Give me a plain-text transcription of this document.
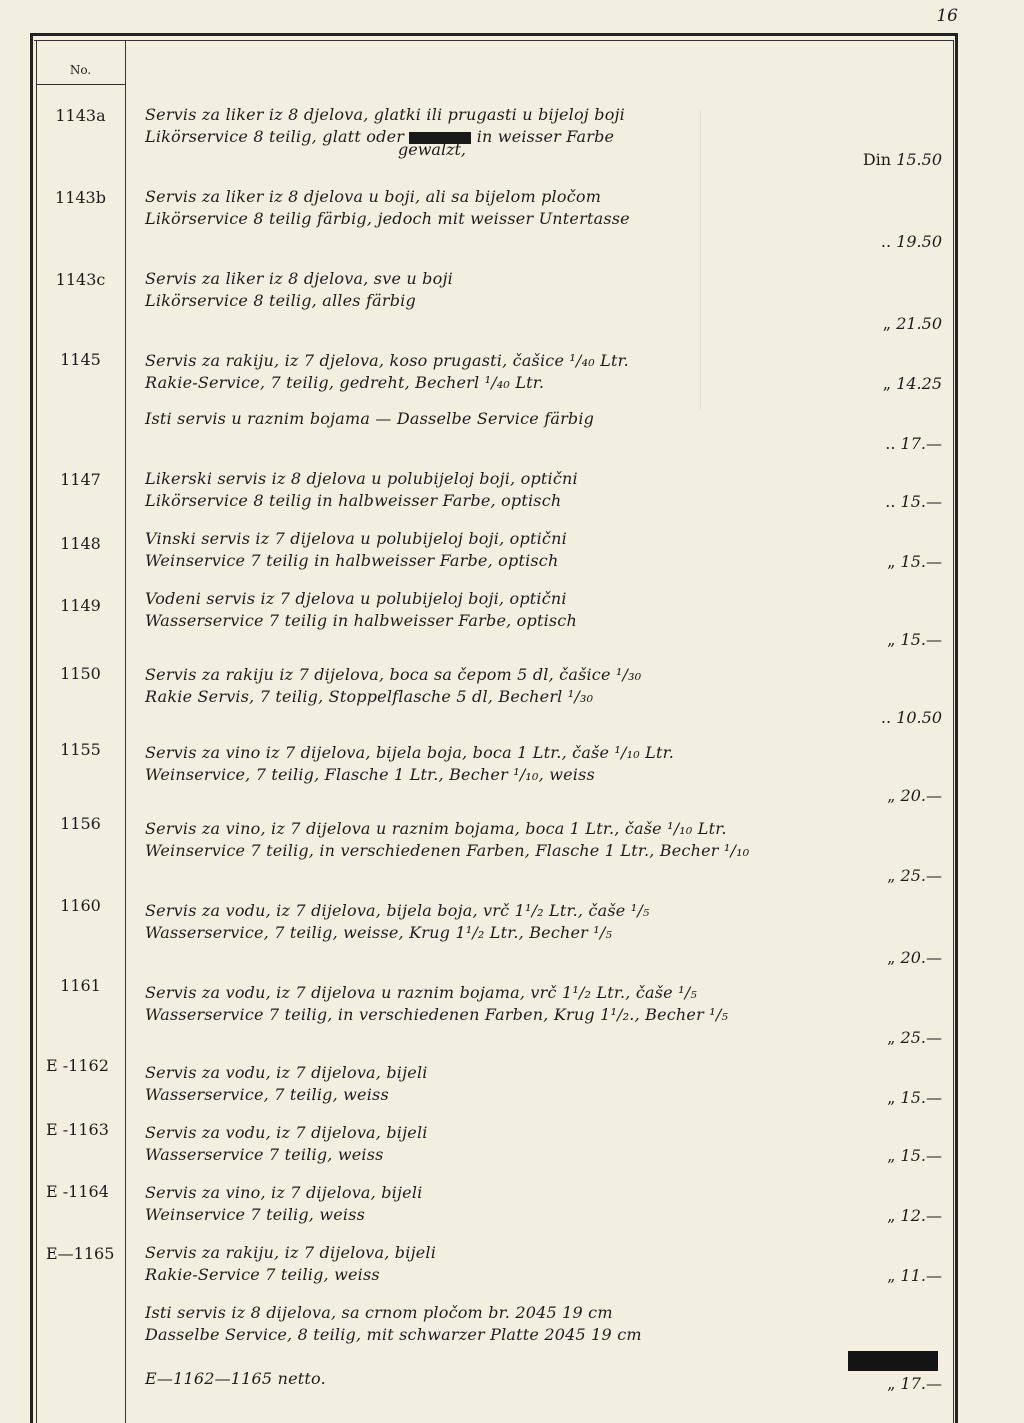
16
No.
1143a	Servis za liker iz 8 djelova, glatki ili prugasti u bijeloj boji
Likörservice 8 teilig, glatt oder	in weisser Farbe
gewalzt,
Din 15.50
1143b	Servis za liker iz 8 djelova u boji, ali sa bijelom pločom
Likörservice 8 teilig färbig, jedoch mit weisser Untertasse
.. 19.50
1143c	Servis za liker iz 8 djelova, sve u boji
Likörservice 8 teilig, alles färbig
„ 21.50
1145	Servis za rakiju, iz 7 djelova, koso prugasti, čašice ¹/₄₀ Ltr.
Rakie-Service, 7 teilig, gedreht, Becherl ¹/₄₀ Ltr.	„ 14.25
Isti servis u raznim bojama — Dasselbe Service färbig
.. 17.—
1147	Likerski servis iz 8 djelova u polubijeloj boji, optični
Likörservice 8 teilig in halbweisser Farbe, optisch	.. 15.—
1148	Vinski servis iz 7 dijelova u polubijeloj boji, optični
Weinservice 7 teilig in halbweisser Farbe, optisch	„ 15.—
1149	Vodeni servis iz 7 djelova u polubijeloj boji, optični
Wasserservice 7 teilig in halbweisser Farbe, optisch
„ 15.—
1150	Servis za rakiju iz 7 dijelova, boca sa čepom 5 dl, čašice ¹/₃₀
Rakie Servis, 7 teilig, Stoppelflasche 5 dl, Becherl ¹/₃₀
.. 10.50
1155	Servis za vino iz 7 dijelova, bijela boja, boca 1 Ltr., čaše ¹/₁₀ Ltr.
Weinservice, 7 teilig, Flasche 1 Ltr., Becher ¹/₁₀, weiss
„ 20.—
1156	Servis za vino, iz 7 dijelova u raznim bojama, boca 1 Ltr., čaše ¹/₁₀ Ltr.
Weinservice 7 teilig, in verschiedenen Farben, Flasche 1 Ltr., Becher ¹/₁₀
„ 25.—
1160	Servis za vodu, iz 7 dijelova, bijela boja, vrč 1¹/₂ Ltr., čaše ¹/₅
Wasserservice, 7 teilig, weisse, Krug 1¹/₂ Ltr., Becher ¹/₅
„ 20.—
1161	Servis za vodu, iz 7 dijelova u raznim bojama, vrč 1¹/₂ Ltr., čaše ¹/₅
Wasserservice 7 teilig, in verschiedenen Farben, Krug 1¹/₂., Becher ¹/₅
„ 25.—
E -1162	Servis za vodu, iz 7 dijelova, bijeli
Wasserservice, 7 teilig, weiss	„ 15.—
E -1163	Servis za vodu, iz 7 dijelova, bijeli
Wasserservice 7 teilig, weiss	„ 15.—
E -1164	Servis za vino, iz 7 dijelova, bijeli
Weinservice 7 teilig, weiss	„ 12.—
E—1165	Servis za rakiju, iz 7 dijelova, bijeli
Rakie-Service 7 teilig, weiss	„ 11.—
Isti servis iz 8 dijelova, sa crnom pločom br. 2045 19 cm
Dasselbe Service, 8 teilig, mit schwarzer Platte 2045 19 cm
E—1162—1165 netto.	„ 17.—
